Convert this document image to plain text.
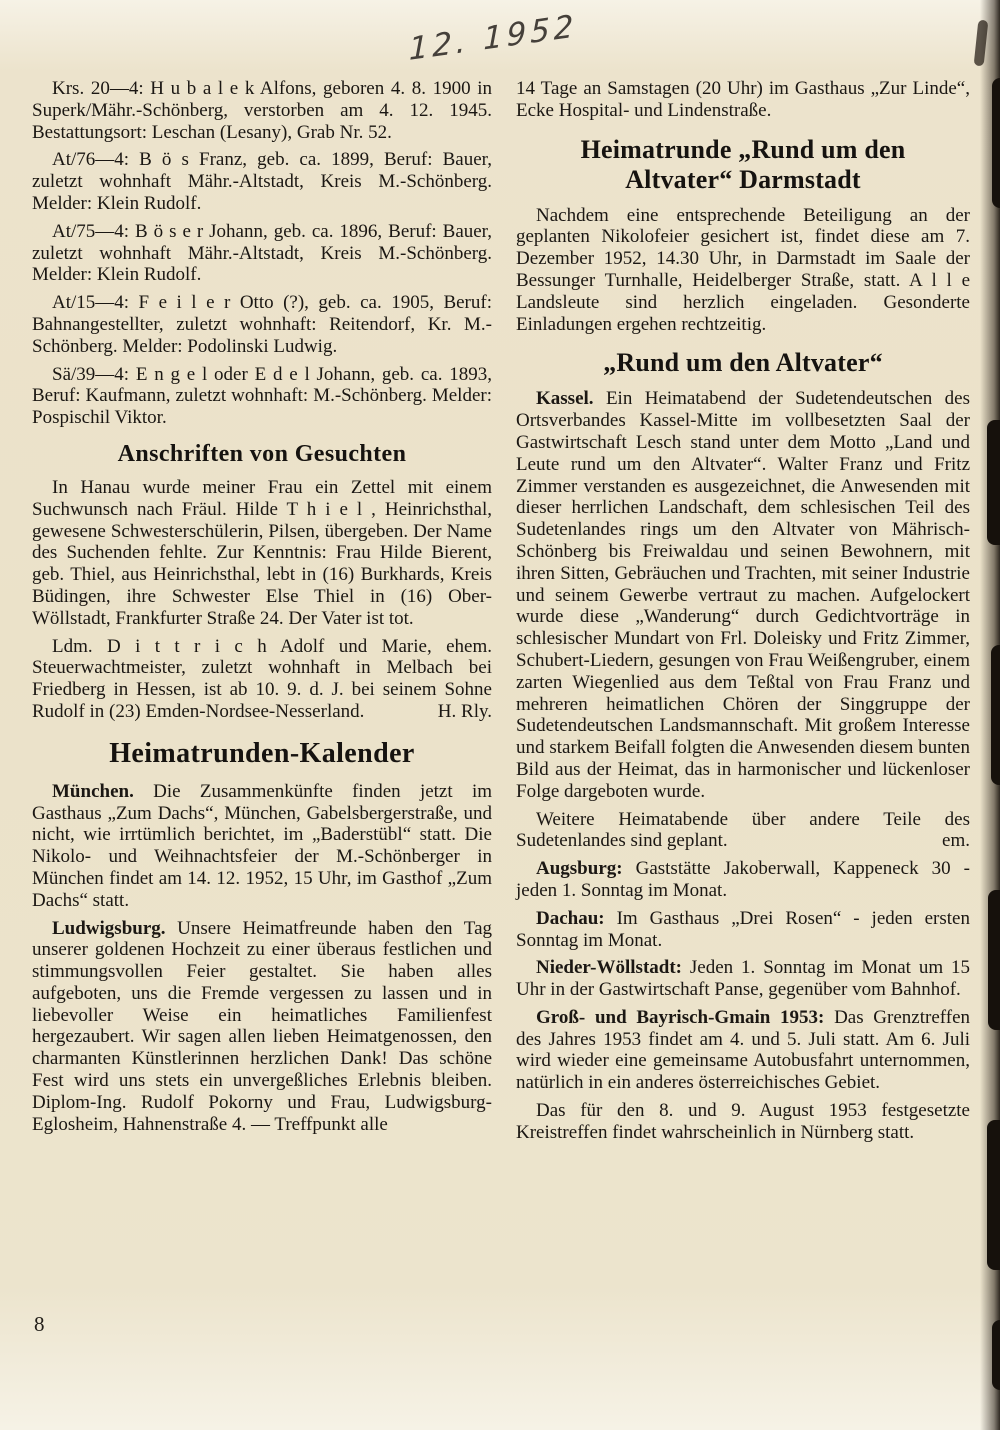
12. 1952

Krs. 20—4: H u b a l e k Alfons, geboren 4. 8. 1900 in Superk/Mähr.-Schönberg, verstorben am 4. 12. 1945. Bestattungsort: Leschan (Lesany), Grab Nr. 52.

At/76—4: B ö s Franz, geb. ca. 1899, Beruf: Bauer, zuletzt wohnhaft Mähr.-Altstadt, Kreis M.-Schönberg. Melder: Klein Rudolf.

At/75—4: B ö s e r Johann, geb. ca. 1896, Beruf: Bauer, zuletzt wohnhaft Mähr.-Altstadt, Kreis M.-Schönberg. Melder: Klein Rudolf.

At/15—4: F e i l e r Otto (?), geb. ca. 1905, Beruf: Bahnangestellter, zuletzt wohnhaft: Reitendorf, Kr. M.-Schönberg. Melder: Podolinski Ludwig.

Sä/39—4: E n g e l oder E d e l Johann, geb. ca. 1893, Beruf: Kaufmann, zuletzt wohnhaft: M.-Schönberg. Melder: Pospischil Viktor.

Anschriften von Gesuchten

In Hanau wurde meiner Frau ein Zettel mit einem Suchwunsch nach Fräul. Hilde T h i e l , Heinrichsthal, gewesene Schwesterschülerin, Pilsen, übergeben. Der Name des Suchenden fehlte. Zur Kenntnis: Frau Hilde Bierent, geb. Thiel, aus Heinrichsthal, lebt in (16) Burkhards, Kreis Büdingen, ihre Schwester Else Thiel in (16) Ober-Wöllstadt, Frankfurter Straße 24. Der Vater ist tot.

Ldm. D i t t r i c h Adolf und Marie, ehem. Steuerwachtmeister, zuletzt wohnhaft in Melbach bei Friedberg in Hessen, ist ab 10. 9. d. J. bei seinem Sohne Rudolf in (23) Emden-Nordsee-Nesserland.	H. Rly.

Heimatrunden-Kalender

München. Die Zusammenkünfte finden jetzt im Gasthaus „Zum Dachs“, München, Gabelsbergerstraße, und nicht, wie irrtümlich berichtet, im „Baderstübl“ statt. Die Nikolo- und Weihnachtsfeier der M.-Schönberger in München findet am 14. 12. 1952, 15 Uhr, im Gasthof „Zum Dachs“ statt.

Ludwigsburg. Unsere Heimatfreunde haben den Tag unserer goldenen Hochzeit zu einer überaus festlichen und stimmungsvollen Feier gestaltet. Sie haben alles aufgeboten, uns die Fremde vergessen zu lassen und in liebevoller Weise ein heimatliches Familienfest hergezaubert. Wir sagen allen lieben Heimatgenossen, den charmanten Künstlerinnen herzlichen Dank! Das schöne Fest wird uns stets ein unvergeßliches Erlebnis bleiben. Diplom-Ing. Rudolf Pokorny und Frau, Ludwigsburg-Eglosheim, Hahnenstraße 4. — Treffpunkt alle

14 Tage an Samstagen (20 Uhr) im Gasthaus „Zur Linde“, Ecke Hospital- und Lindenstraße.

Heimatrunde „Rund um den
Altvater“ Darmstadt

Nachdem eine entsprechende Beteiligung an der geplanten Nikolofeier gesichert ist, findet diese am 7. Dezember 1952, 14.30 Uhr, in Darmstadt im Saale der Bessunger Turnhalle, Heidelberger Straße, statt. A l l e Landsleute sind herzlich eingeladen. Gesonderte Einladungen ergehen rechtzeitig.

„Rund um den Altvater“

Kassel. Ein Heimatabend der Sudetendeutschen des Ortsverbandes Kassel-Mitte im vollbesetzten Saal der Gastwirtschaft Lesch stand unter dem Motto „Land und Leute rund um den Altvater“. Walter Franz und Fritz Zimmer verstanden es ausgezeichnet, die Anwesenden mit dieser herrlichen Landschaft, dem schlesischen Teil des Sudetenlandes rings um den Altvater von Mährisch-Schönberg bis Freiwaldau und seinen Bewohnern, mit ihren Sitten, Gebräuchen und Trachten, mit seiner Industrie und seinem Gewerbe vertraut zu machen. Aufgelockert wurde diese „Wanderung“ durch Gedichtvorträge in schlesischer Mundart von Frl. Doleisky und Fritz Zimmer, Schubert-Liedern, gesungen von Frau Weißengruber, einem zarten Wiegenlied aus dem Teßtal von Frau Franz und mehreren heimatlichen Chören der Singgruppe der Sudetendeutschen Landsmannschaft. Mit großem Interesse und starkem Beifall folgten die Anwesenden diesem bunten Bild aus der Heimat, das in harmonischer und lückenloser Folge dargeboten wurde.

Weitere Heimatabende über andere Teile des Sudetenlandes sind geplant.	em.

Augsburg: Gaststätte Jakoberwall, Kappeneck 30 - jeden 1. Sonntag im Monat.

Dachau: Im Gasthaus „Drei Rosen“ - jeden ersten Sonntag im Monat.

Nieder-Wöllstadt: Jeden 1. Sonntag im Monat um 15 Uhr in der Gastwirtschaft Panse, gegenüber vom Bahnhof.

Groß- und Bayrisch-Gmain 1953: Das Grenztreffen des Jahres 1953 findet am 4. und 5. Juli statt. Am 6. Juli wird wieder eine gemeinsame Autobusfahrt unternommen, natürlich in ein anderes österreichisches Gebiet.

Das für den 8. und 9. August 1953 festgesetzte Kreistreffen findet wahrscheinlich in Nürnberg statt.

8
